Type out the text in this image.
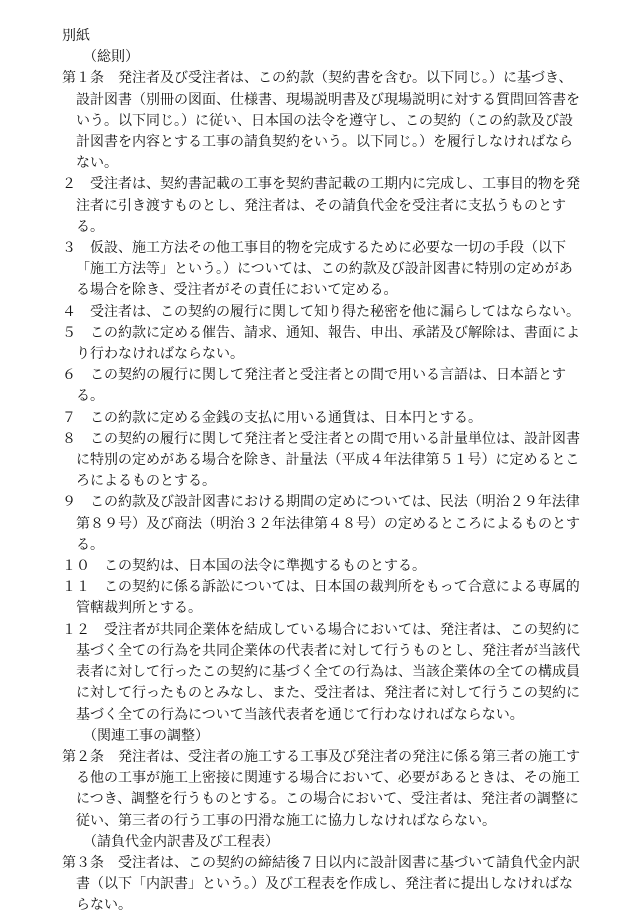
別紙
（総則）
第１条　発注者及び受注者は、この約款（契約書を含む。以下同じ。）に基づき、
設計図書（別冊の図面、仕様書、現場説明書及び現場説明に対する質問回答書を
いう。以下同じ。）に従い、日本国の法令を遵守し、この契約（この約款及び設
計図書を内容とする工事の請負契約をいう。以下同じ。）を履行しなければなら
ない。
２　受注者は、契約書記載の工事を契約書記載の工期内に完成し、工事目的物を発
注者に引き渡すものとし、発注者は、その請負代金を受注者に支払うものとす
る。
３　仮設、施工方法その他工事目的物を完成するために必要な一切の手段（以下
「施工方法等」という。）については、この約款及び設計図書に特別の定めがあ
る場合を除き、受注者がその責任において定める。
４　受注者は、この契約の履行に関して知り得た秘密を他に漏らしてはならない。
５　この約款に定める催告、請求、通知、報告、申出、承諾及び解除は、書面によ
り行わなければならない。
６　この契約の履行に関して発注者と受注者との間で用いる言語は、日本語とす
る。
７　この約款に定める金銭の支払に用いる通貨は、日本円とする。
８　この契約の履行に関して発注者と受注者との間で用いる計量単位は、設計図書
に特別の定めがある場合を除き、計量法（平成４年法律第５１号）に定めるとこ
ろによるものとする。
９　この約款及び設計図書における期間の定めについては、民法（明治２９年法律
第８９号）及び商法（明治３２年法律第４８号）の定めるところによるものとす
る。
１０　この契約は、日本国の法令に準拠するものとする。
１１　この契約に係る訴訟については、日本国の裁判所をもって合意による専属的
管轄裁判所とする。
１２　受注者が共同企業体を結成している場合においては、発注者は、この契約に
基づく全ての行為を共同企業体の代表者に対して行うものとし、発注者が当該代
表者に対して行ったこの契約に基づく全ての行為は、当該企業体の全ての構成員
に対して行ったものとみなし、また、受注者は、発注者に対して行うこの契約に
基づく全ての行為について当該代表者を通じて行わなければならない。
（関連工事の調整）
第２条　発注者は、受注者の施工する工事及び発注者の発注に係る第三者の施工す
る他の工事が施工上密接に関連する場合において、必要があるときは、その施工
につき、調整を行うものとする。この場合において、受注者は、発注者の調整に
従い、第三者の行う工事の円滑な施工に協力しなければならない。
（請負代金内訳書及び工程表）
第３条　受注者は、この契約の締結後７日以内に設計図書に基づいて請負代金内訳
書（以下「内訳書」という。）及び工程表を作成し、発注者に提出しなければな
らない。
